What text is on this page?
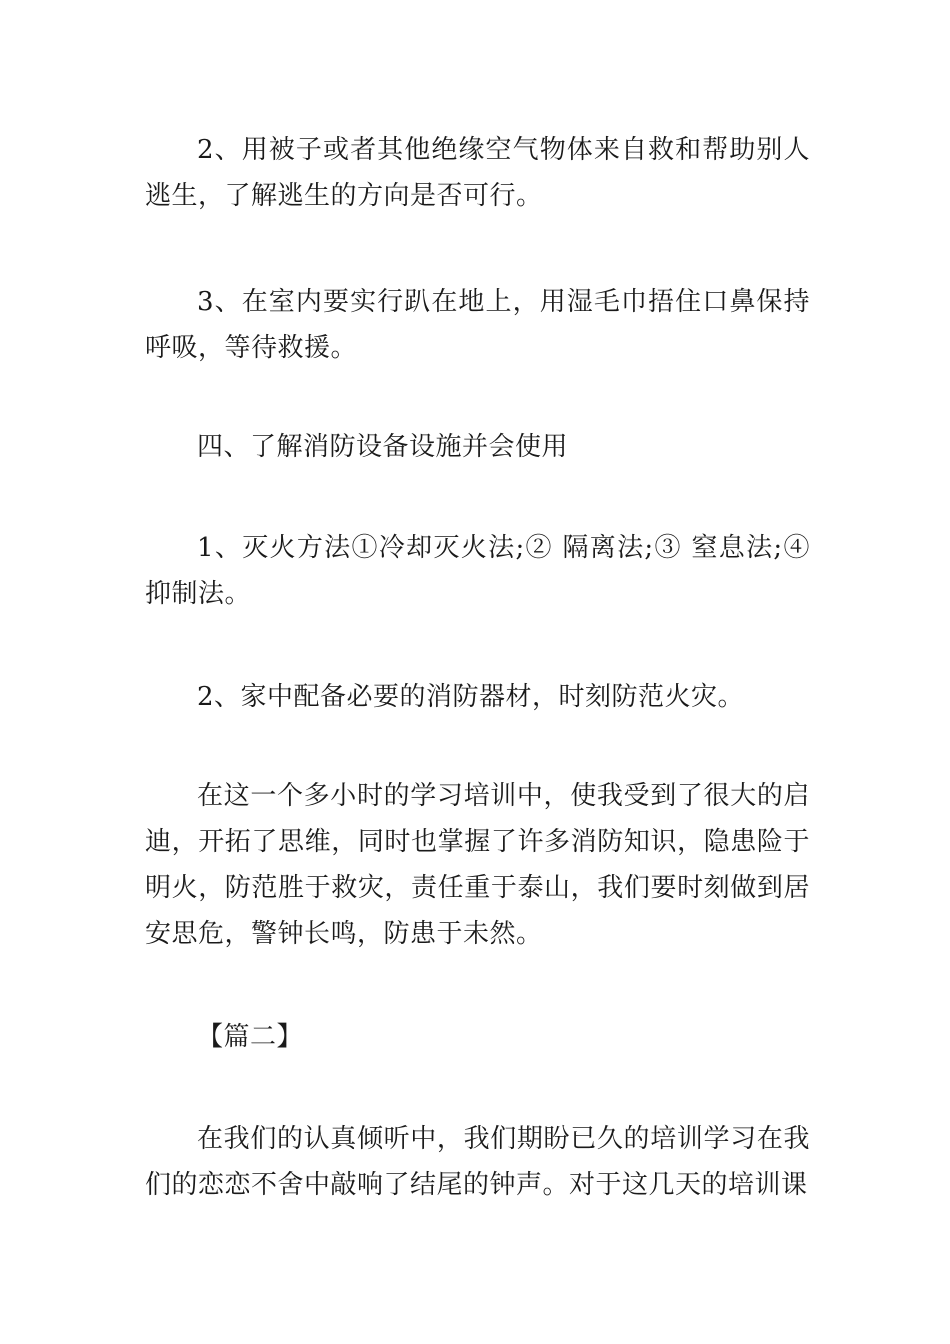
2、用被子或者其他绝缘空气物体来自救和帮助别人逃生，了解逃生的方向是否可行。

3、在室内要实行趴在地上，用湿毛巾捂住口鼻保持呼吸，等待救援。

四、了解消防设备设施并会使用

1、灭火方法①冷却灭火法;② 隔离法;③ 窒息法;④ 抑制法。

2、家中配备必要的消防器材，时刻防范火灾。

在这一个多小时的学习培训中，使我受到了很大的启迪，开拓了思维，同时也掌握了许多消防知识，隐患险于明火，防范胜于救灾，责任重于泰山，我们要时刻做到居安思危，警钟长鸣，防患于未然。

【篇二】

在我们的认真倾听中，我们期盼已久的培训学习在我们的恋恋不舍中敲响了结尾的钟声。对于这几天的培训课
